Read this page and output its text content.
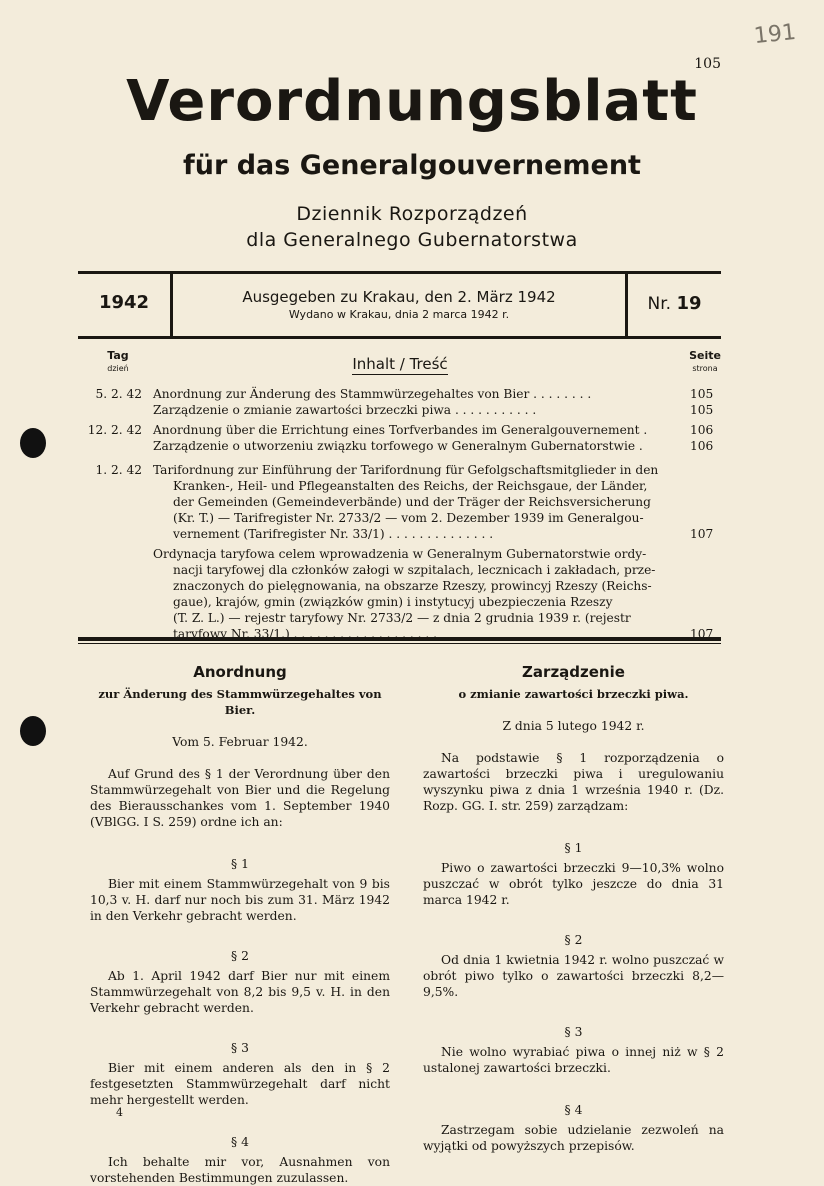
105
191
Verordnungsblatt
für das Generalgouvernement
Dziennik Rozporządzeń
dla Generalnego Gubernatorstwa
1942	Ausgegeben zu Krakau, den 2. März 1942
Wydano w Krakau, dnia 2 marca 1942 r.
Nr. 19
Tag
dzień	Inhalt / Treść	Seite
strona
5. 2. 42 Anordnung zur Änderung des Stammwürzegehaltes von Bier . . . . . . . .	105
Zarządzenie o zmianie zawartości brzeczki piwa . . . . . . . . . . .	105
12. 2. 42 Anordnung über die Errichtung eines Torfverbandes im Generalgouvernement .	106
Zarządzenie o utworzeniu związku torfowego w Generalnym Gubernatorstwie .	106
1. 2. 42 Tarifordnung zur Einführung der Tarifordnung für Gefolgschaftsmitglieder in den
Kranken-, Heil- und Pflegeanstalten des Reichs, der Reichsgaue, der Länder,
der Gemeinden (Gemeindeverbände) und der Träger der Reichsversicherung
(Kr. T.) — Tarifregister Nr. 2733/2 — vom 2. Dezember 1939 im Generalgou-
vernement (Tarifregister Nr. 33/1) . . . . . . . . . . . . . .	107
Ordynacja taryfowa celem wprowadzenia w Generalnym Gubernatorstwie ordy-
nacji taryfowej dla członków załogi w szpitalach, lecznicach i zakładach, prze-
znaczonych do pielęgnowania, na obszarze Rzeszy, prowincyj Rzeszy (Reichs-
gaue), krajów, gmin (związków gmin) i instytucyj ubezpieczenia Rzeszy
(T. Z. L.) — rejestr taryfowy Nr. 2733/2 — z dnia 2 grudnia 1939 r. (rejestr
taryfowy Nr. 33/1.) . . . . . . . . . . . . . . . . . . .	107
Anordnung
zur Änderung des Stammwürzegehaltes von Bier.
Vom 5. Februar 1942.

Auf Grund des § 1 der Verordnung über den Stammwürzegehalt von Bier und die Regelung des Bierausschankes vom 1. September 1940 (VBlGG. I S. 259) ordne ich an:

§ 1

Bier mit einem Stammwürzegehalt von 9 bis 10,3 v. H. darf nur noch bis zum 31. März 1942 in den Verkehr gebracht werden.

§ 2

Ab 1. April 1942 darf Bier nur mit einem Stammwürzegehalt von 8,2 bis 9,5 v. H. in den Verkehr gebracht werden.

§ 3

Bier mit einem anderen als den in § 2 festgesetzten Stammwürzegehalt darf nicht mehr hergestellt werden.

§ 4

Ich behalte mir vor, Ausnahmen von vorstehenden Bestimmungen zuzulassen.

Zarządzenie
o zmianie zawartości brzeczki piwa.
Z dnia 5 lutego 1942 r.

Na podstawie § 1 rozporządzenia o zawartości brzeczki piwa i uregulowaniu wyszynku piwa z dnia 1 września 1940 r. (Dz. Rozp. GG. I. str. 259) zarządzam:

§ 1

Piwo o zawartości brzeczki 9—10,3% wolno puszczać w obrót tylko jeszcze do dnia 31 marca 1942 r.

§ 2

Od dnia 1 kwietnia 1942 r. wolno puszczać w obrót piwo tylko o zawartości brzeczki 8,2—9,5%.

§ 3

Nie wolno wyrabiać piwa o innej niż w § 2 ustalonej zawartości brzeczki.

§ 4

Zastrzegam sobie udzielanie zezwoleń na wyjątki od powyższych przepisów.

4
